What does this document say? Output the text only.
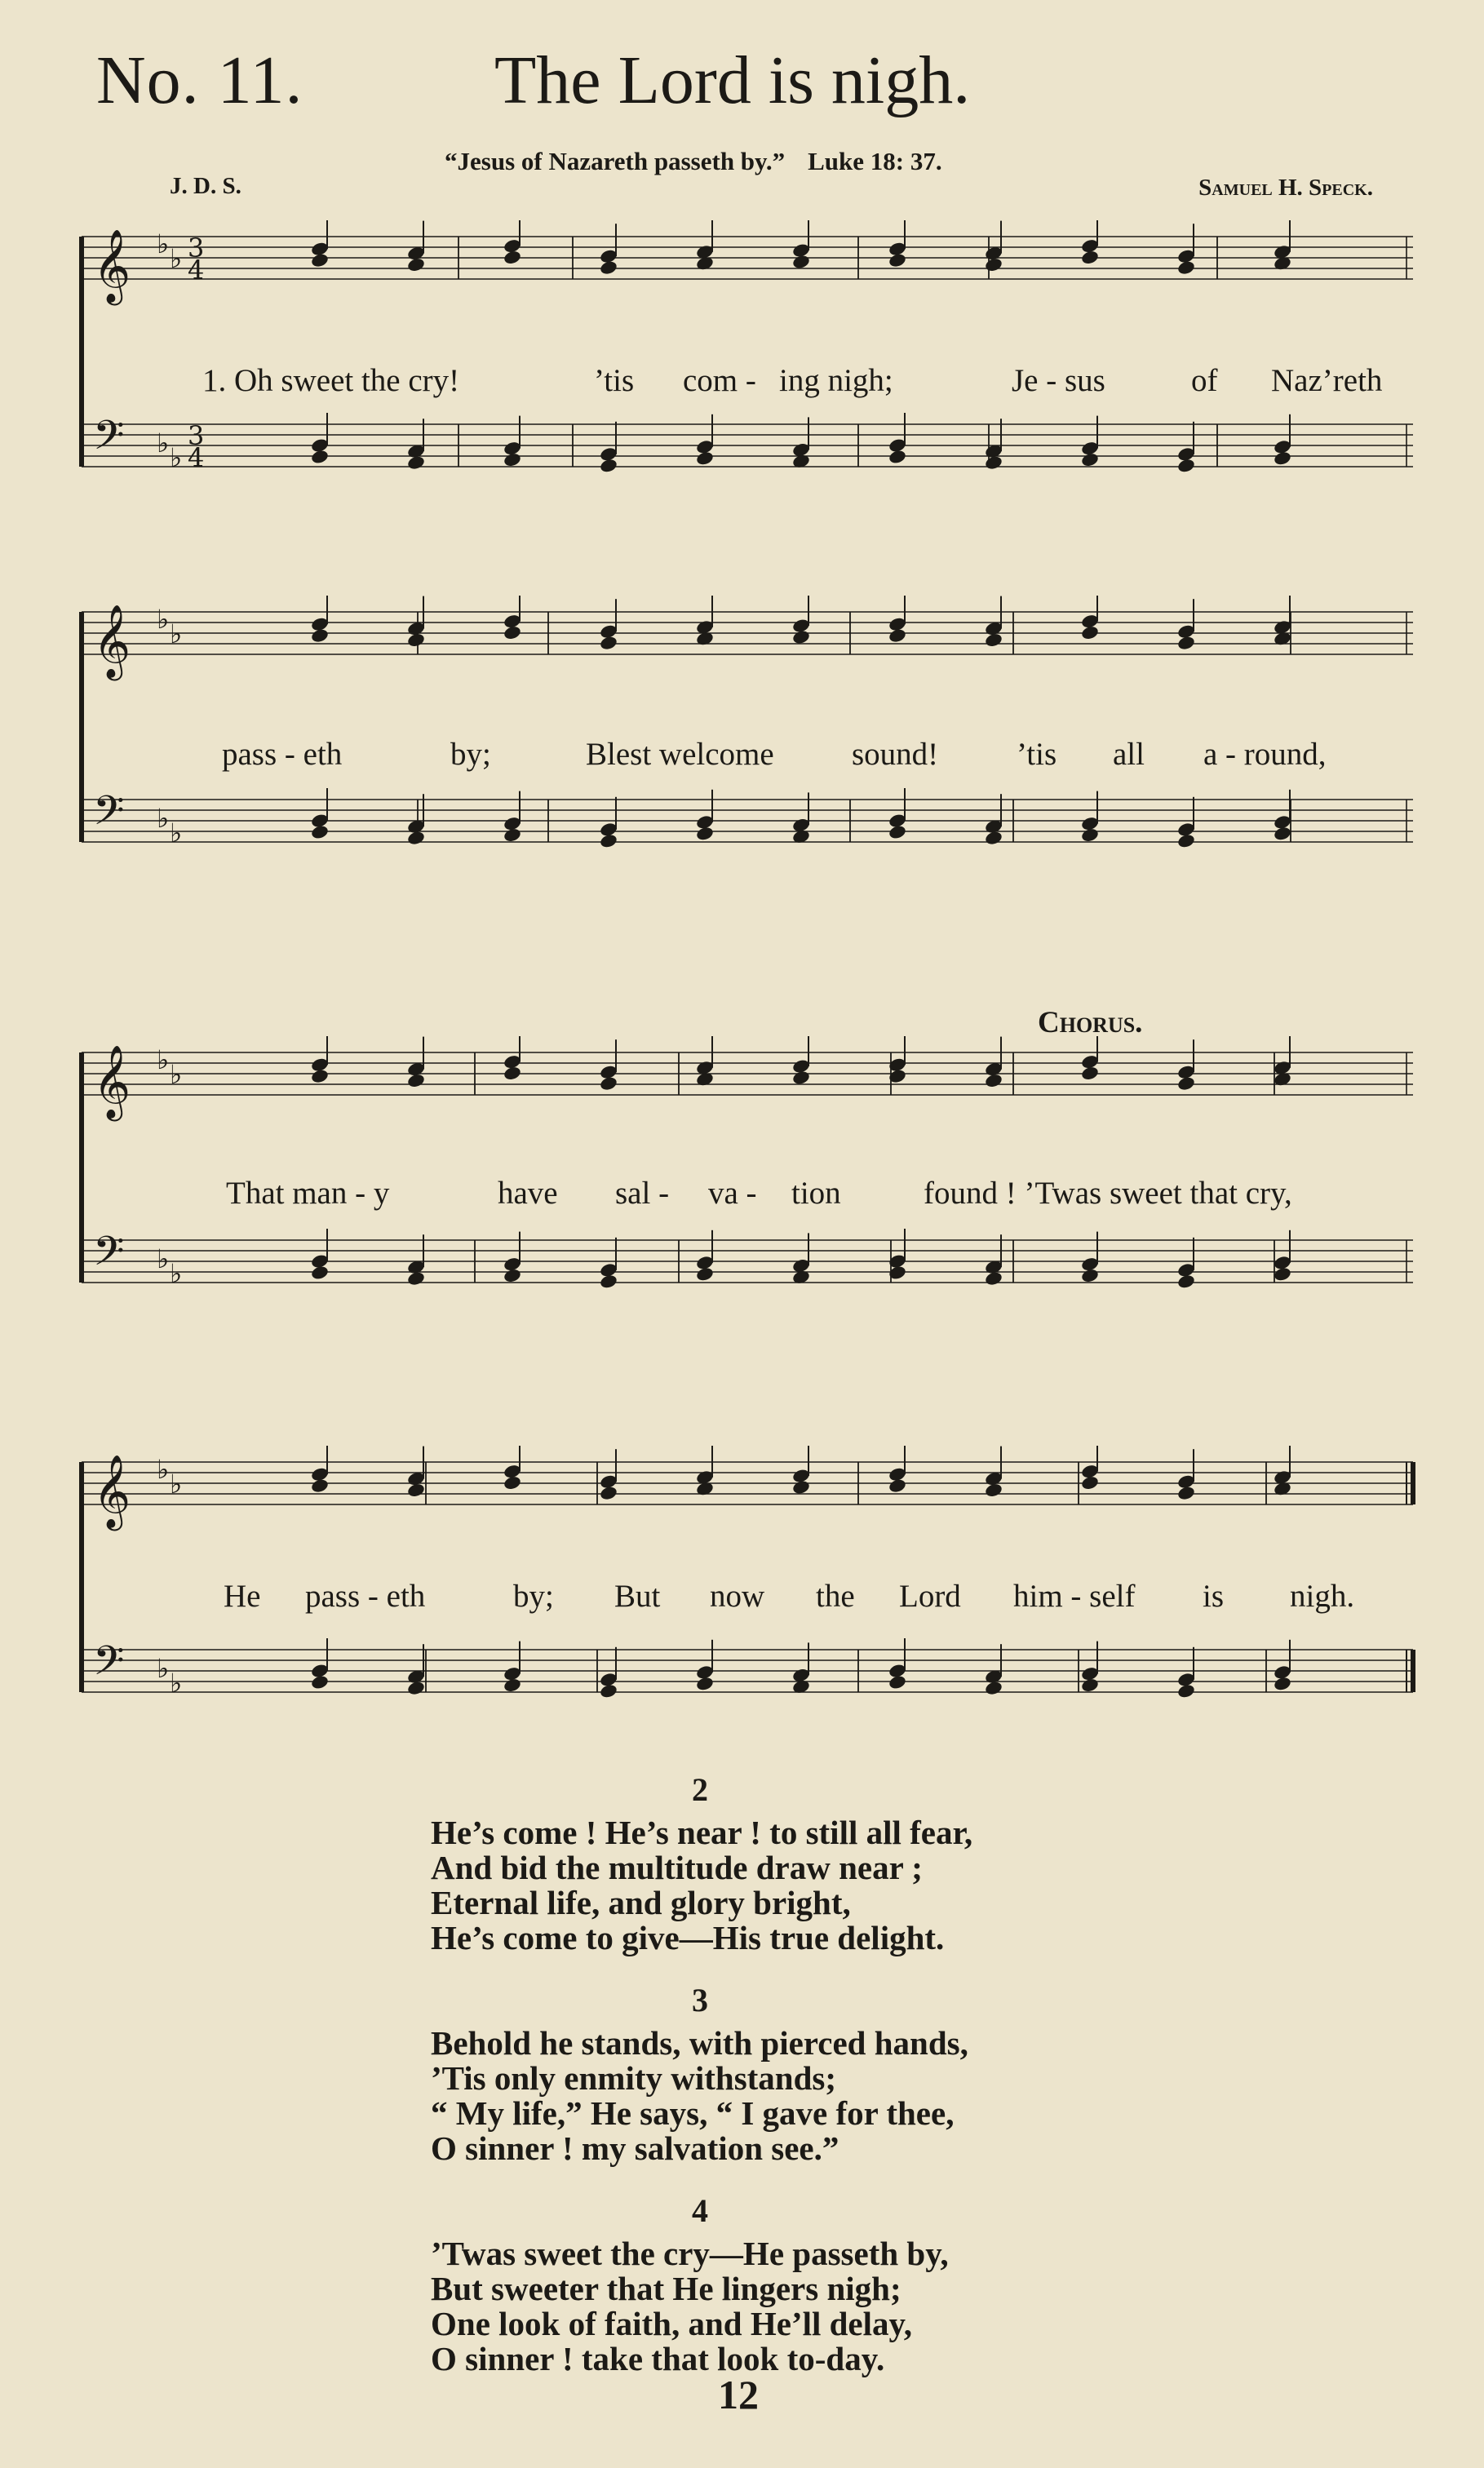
No. 11.	The Lord is nigh.
“Jesus of Nazareth passeth by.” Luke 18: 37.
J. D. S.	Samuel H. Speck.
𝄞 ♭ ♭ 3
4
𝄢 ♭ ♭
3
4
1. Oh sweet the cry!	’tis com - ing nigh;	Je - sus	of Naz’reth
𝄞 ♭ ♭
𝄢 ♭ ♭
pass - eth	by;	Blest welcome sound! ’tis all a - round,
𝄞 ♭ ♭
𝄢 ♭ ♭
Chorus.
That man - y	have sal - va - tion	found ! ’Twas sweet that cry,
𝄞 ♭ ♭
𝄢 ♭ ♭
He pass - eth	by; But now the Lord him - self is nigh.
2
He’s come ! He’s near ! to still all fear,
And bid the multitude draw near ;
Eternal life, and glory bright,
He’s come to give—His true delight.
3
Behold he stands, with pierced hands,
’Tis only enmity withstands;
“ My life,” He says, “ I gave for thee,
O sinner ! my salvation see.”
4
’Twas sweet the cry—He passeth by,
But sweeter that He lingers nigh;
One look of faith, and He’ll delay,
O sinner ! take that look to-day.
12
